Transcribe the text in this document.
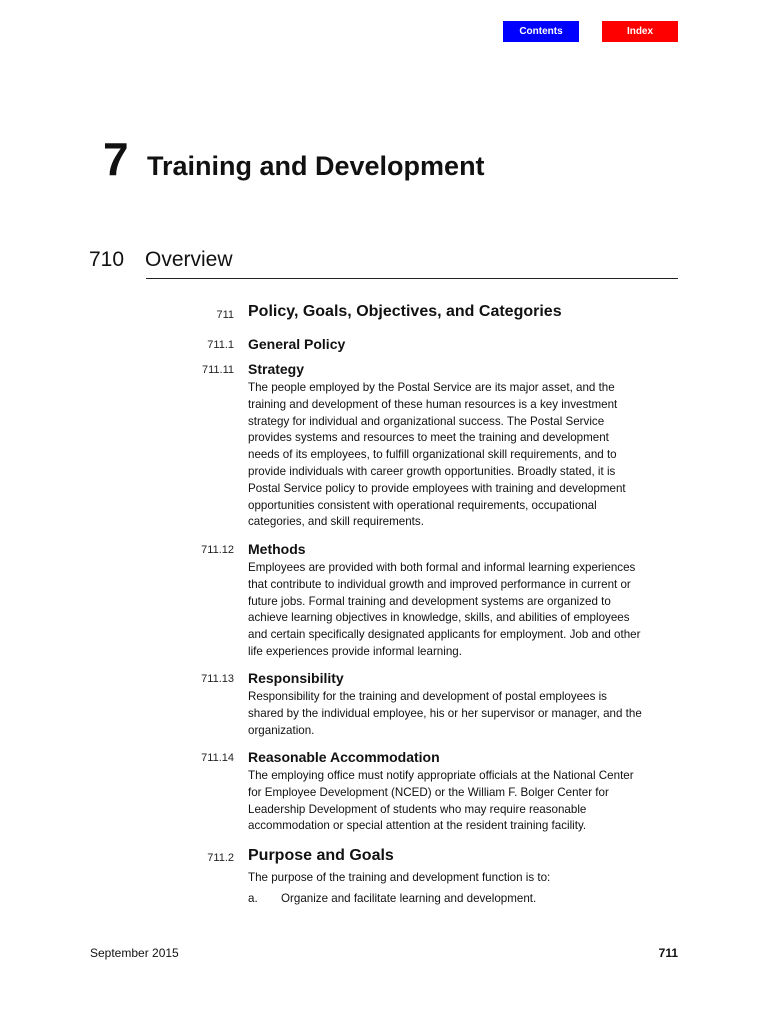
Contents	Index
7 Training and Development
710 Overview
711 Policy, Goals, Objectives, and Categories
711.1 General Policy
711.11 Strategy
The people employed by the Postal Service are its major asset, and the
training and development of these human resources is a key investment
strategy for individual and organizational success. The Postal Service
provides systems and resources to meet the training and development
needs of its employees, to fulfill organizational skill requirements, and to
provide individuals with career growth opportunities. Broadly stated, it is
Postal Service policy to provide employees with training and development
opportunities consistent with operational requirements, occupational
categories, and skill requirements.
711.12 Methods
Employees are provided with both formal and informal learning experiences
that contribute to individual growth and improved performance in current or
future jobs. Formal training and development systems are organized to
achieve learning objectives in knowledge, skills, and abilities of employees
and certain specifically designated applicants for employment. Job and other
life experiences provide informal learning.
711.13 Responsibility
Responsibility for the training and development of postal employees is
shared by the individual employee, his or her supervisor or manager, and the
organization.
711.14 Reasonable Accommodation
The employing office must notify appropriate officials at the National Center
for Employee Development (NCED) or the William F. Bolger Center for
Leadership Development of students who may require reasonable
accommodation or special attention at the resident training facility.
711.2 Purpose and Goals
The purpose of the training and development function is to:
a.	Organize and facilitate learning and development.
September 2015	711
